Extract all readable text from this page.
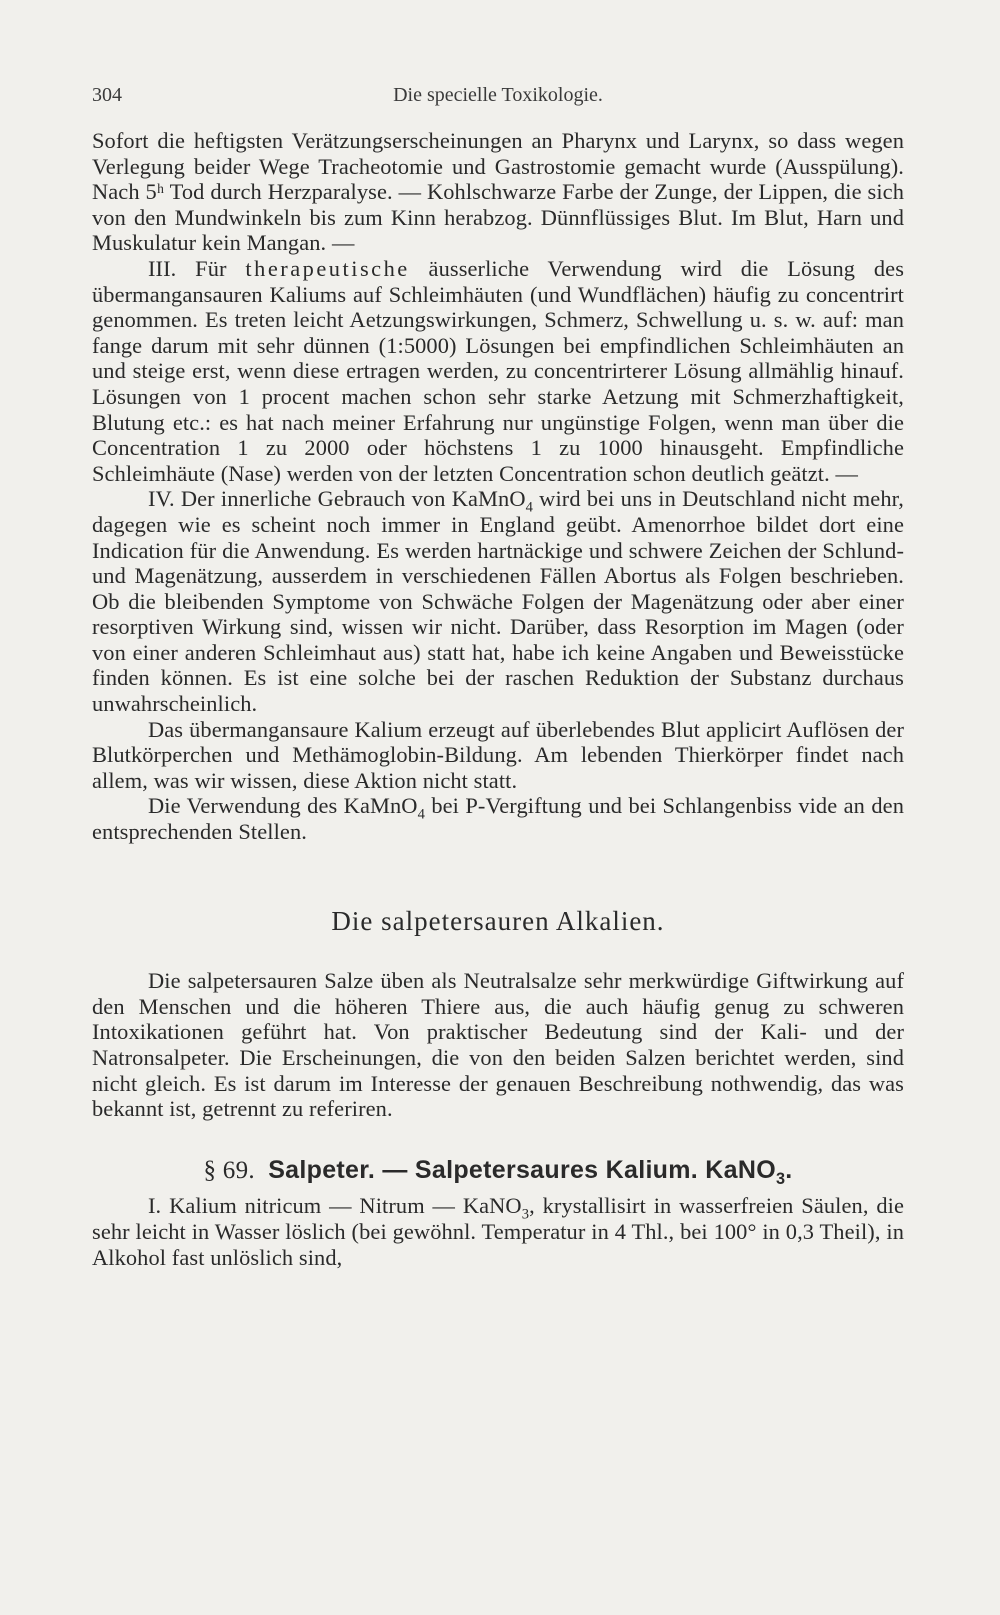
304	Die specielle Toxikologie.

Sofort die heftigsten Verätzungserscheinungen an Pharynx und Larynx, so dass wegen Verlegung beider Wege Tracheotomie und Gastrostomie gemacht wurde (Ausspülung). Nach 5ʰ Tod durch Herzparalyse. — Kohlschwarze Farbe der Zunge, der Lippen, die sich von den Mundwinkeln bis zum Kinn herabzog. Dünnflüssiges Blut. Im Blut, Harn und Muskulatur kein Mangan. —

III. Für therapeutische äusserliche Verwendung wird die Lösung des übermangansauren Kaliums auf Schleimhäuten (und Wundflächen) häufig zu concentrirt genommen. Es treten leicht Aetzungswirkungen, Schmerz, Schwellung u. s. w. auf: man fange darum mit sehr dünnen (1:5000) Lösungen bei empfindlichen Schleimhäuten an und steige erst, wenn diese ertragen werden, zu concentrirterer Lösung allmählig hinauf. Lösungen von 1 procent machen schon sehr starke Aetzung mit Schmerzhaftigkeit, Blutung etc.: es hat nach meiner Erfahrung nur ungünstige Folgen, wenn man über die Concentration 1 zu 2000 oder höchstens 1 zu 1000 hinausgeht. Empfindliche Schleimhäute (Nase) werden von der letzten Concentration schon deutlich geätzt. —

IV. Der innerliche Gebrauch von KaMnO$_4$ wird bei uns in Deutschland nicht mehr, dagegen wie es scheint noch immer in England geübt. Amenorrhoe bildet dort eine Indication für die Anwendung. Es werden hartnäckige und schwere Zeichen der Schlund- und Magenätzung, ausserdem in verschiedenen Fällen Abortus als Folgen beschrieben. Ob die bleibenden Symptome von Schwäche Folgen der Magenätzung oder aber einer resorptiven Wirkung sind, wissen wir nicht. Darüber, dass Resorption im Magen (oder von einer anderen Schleimhaut aus) statt hat, habe ich keine Angaben und Beweisstücke finden können. Es ist eine solche bei der raschen Reduktion der Substanz durchaus unwahrscheinlich.

Das übermangansaure Kalium erzeugt auf überlebendes Blut applicirt Auflösen der Blutkörperchen und Methämoglobin-Bildung. Am lebenden Thierkörper findet nach allem, was wir wissen, diese Aktion nicht statt.

Die Verwendung des KaMnO$_4$ bei P-Vergiftung und bei Schlangenbiss vide an den entsprechenden Stellen.

Die salpetersauren Alkalien.

Die salpetersauren Salze üben als Neutralsalze sehr merkwürdige Giftwirkung auf den Menschen und die höheren Thiere aus, die auch häufig genug zu schweren Intoxikationen geführt hat. Von praktischer Bedeutung sind der Kali- und der Natronsalpeter. Die Erscheinungen, die von den beiden Salzen berichtet werden, sind nicht gleich. Es ist darum im Interesse der genauen Beschreibung nothwendig, das was bekannt ist, getrennt zu referiren.

§ 69. Salpeter. — Salpetersaures Kalium. KaNO$_3$.

I. Kalium nitricum — Nitrum — KaNO$_3$, krystallisirt in wasserfreien Säulen, die sehr leicht in Wasser löslich (bei gewöhnl. Temperatur in 4 Thl., bei 100° in 0,3 Theil), in Alkohol fast unlöslich sind,
